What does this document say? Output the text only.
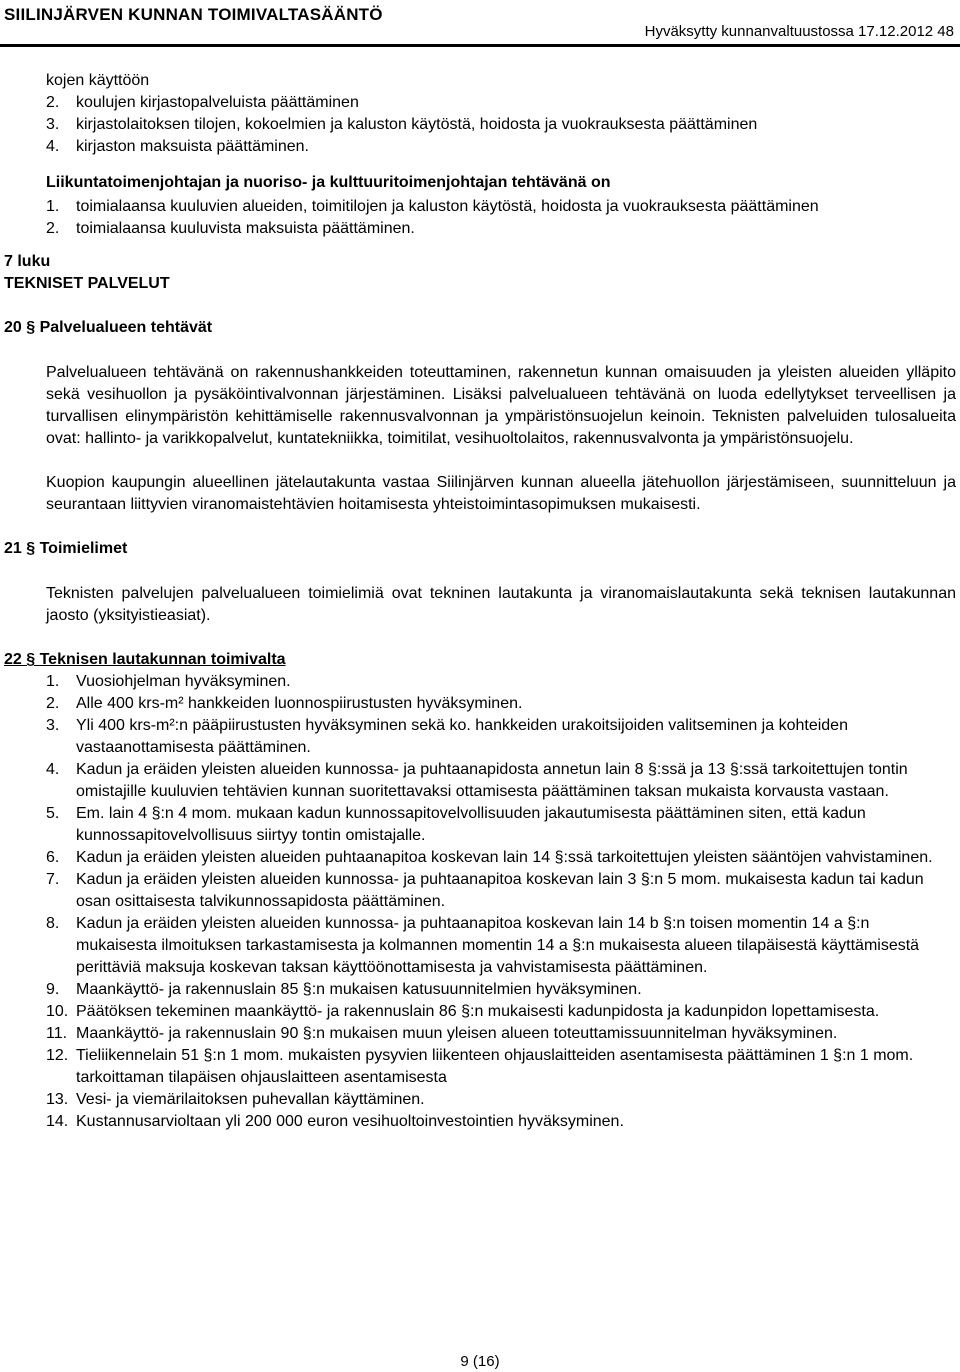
SIILINJÄRVEN KUNNAN TOIMIVALTASÄÄNTÖ
Hyväksytty kunnanvaltuustossa 17.12.2012 48

kojen käyttöön

2.	koulujen kirjastopalveluista päättäminen
3.	kirjastolaitoksen tilojen, kokoelmien ja kaluston käytöstä, hoidosta ja vuokrauksesta päättäminen
4.	kirjaston maksuista päättäminen.

Liikuntatoimenjohtajan ja nuoriso- ja kulttuuritoimenjohtajan tehtävänä on

1.	toimialaansa kuuluvien alueiden, toimitilojen ja kaluston käytöstä, hoidosta ja vuokrauksesta päättäminen
2.	toimialaansa kuuluvista maksuista päättäminen.
7 luku
TEKNISET PALVELUT
20 § Palvelualueen tehtävät
Palvelualueen tehtävänä on rakennushankkeiden toteuttaminen, rakennetun kunnan omaisuuden ja yleisten alueiden ylläpito sekä vesihuollon ja pysäköintivalvonnan järjestäminen. Lisäksi palvelualueen tehtävänä on luoda edellytykset terveellisen ja turvallisen elinympäristön kehittämiselle rakennusvalvonnan ja ympäristönsuojelun keinoin. Teknisten palveluiden tulosalueita ovat: hallinto- ja varikkopalvelut, kuntatekniikka, toimitilat, vesihuoltolaitos, rakennusvalvonta ja ympäristönsuojelu.
Kuopion kaupungin alueellinen jätelautakunta vastaa Siilinjärven kunnan alueella jätehuollon järjestämiseen, suunnitteluun ja seurantaan liittyvien viranomaistehtävien hoitamisesta yhteistoimintasopimuksen mukaisesti.
21 § Toimielimet
Teknisten palvelujen palvelualueen toimielimiä ovat tekninen lautakunta ja viranomaislautakunta sekä teknisen lautakunnan jaosto (yksityistieasiat).
22 § Teknisen lautakunnan toimivalta
1.	Vuosiohjelman hyväksyminen.
2.	Alle 400 krs-m² hankkeiden luonnospiirustusten hyväksyminen.
3.	Yli 400 krs-m²:n pääpiirustusten hyväksyminen sekä ko. hankkeiden urakoitsijoiden valitseminen ja kohteiden vastaanottamisesta päättäminen.
4.	Kadun ja eräiden yleisten alueiden kunnossa- ja puhtaanapidosta annetun lain 8 §:ssä ja 13 §:ssä tarkoitettujen tontin omistajille kuuluvien tehtävien kunnan suoritettavaksi ottamisesta päättäminen taksan mukaista korvausta vastaan.
5.	Em. lain 4 §:n 4 mom. mukaan kadun kunnossapitovelvollisuuden jakautumisesta päättäminen siten, että kadun kunnossapitovelvollisuus siirtyy tontin omistajalle.
6.	Kadun ja eräiden yleisten alueiden puhtaanapitoa koskevan lain 14 §:ssä tarkoitettujen yleisten sääntöjen vahvistaminen.
7.	Kadun ja eräiden yleisten alueiden kunnossa- ja puhtaanapitoa koskevan lain 3 §:n 5 mom. mukaisesta kadun tai kadun osan osittaisesta talvikunnossapidosta päättäminen.
8.	Kadun ja eräiden yleisten alueiden kunnossa- ja puhtaanapitoa koskevan lain 14 b §:n toisen momentin 14 a §:n mukaisesta ilmoituksen tarkastamisesta ja kolmannen momentin 14 a §:n mukaisesta alueen tilapäisestä käyttämisestä perittäviä maksuja koskevan taksan käyttöönottamisesta ja vahvistamisesta päättäminen.
9.	Maankäyttö- ja rakennuslain 85 §:n mukaisen katusuunnitelmien hyväksyminen.
10. Päätöksen tekeminen maankäyttö- ja rakennuslain 86 §:n mukaisesti kadunpidosta ja kadunpidon lopettamisesta.
11. Maankäyttö- ja rakennuslain 90 §:n mukaisen muun yleisen alueen toteuttamissuunnitelman hyväksyminen.
12. Tieliikennelain 51 §:n 1 mom. mukaisten pysyvien liikenteen ohjauslaitteiden asentamisesta päättäminen 1 §:n 1 mom. tarkoittaman tilapäisen ohjauslaitteen asentamisesta
13. Vesi- ja viemärilaitoksen puhevallan käyttäminen.
14. Kustannusarvioltaan yli 200 000 euron vesihuoltoinvestointien hyväksyminen.
9 (16)
